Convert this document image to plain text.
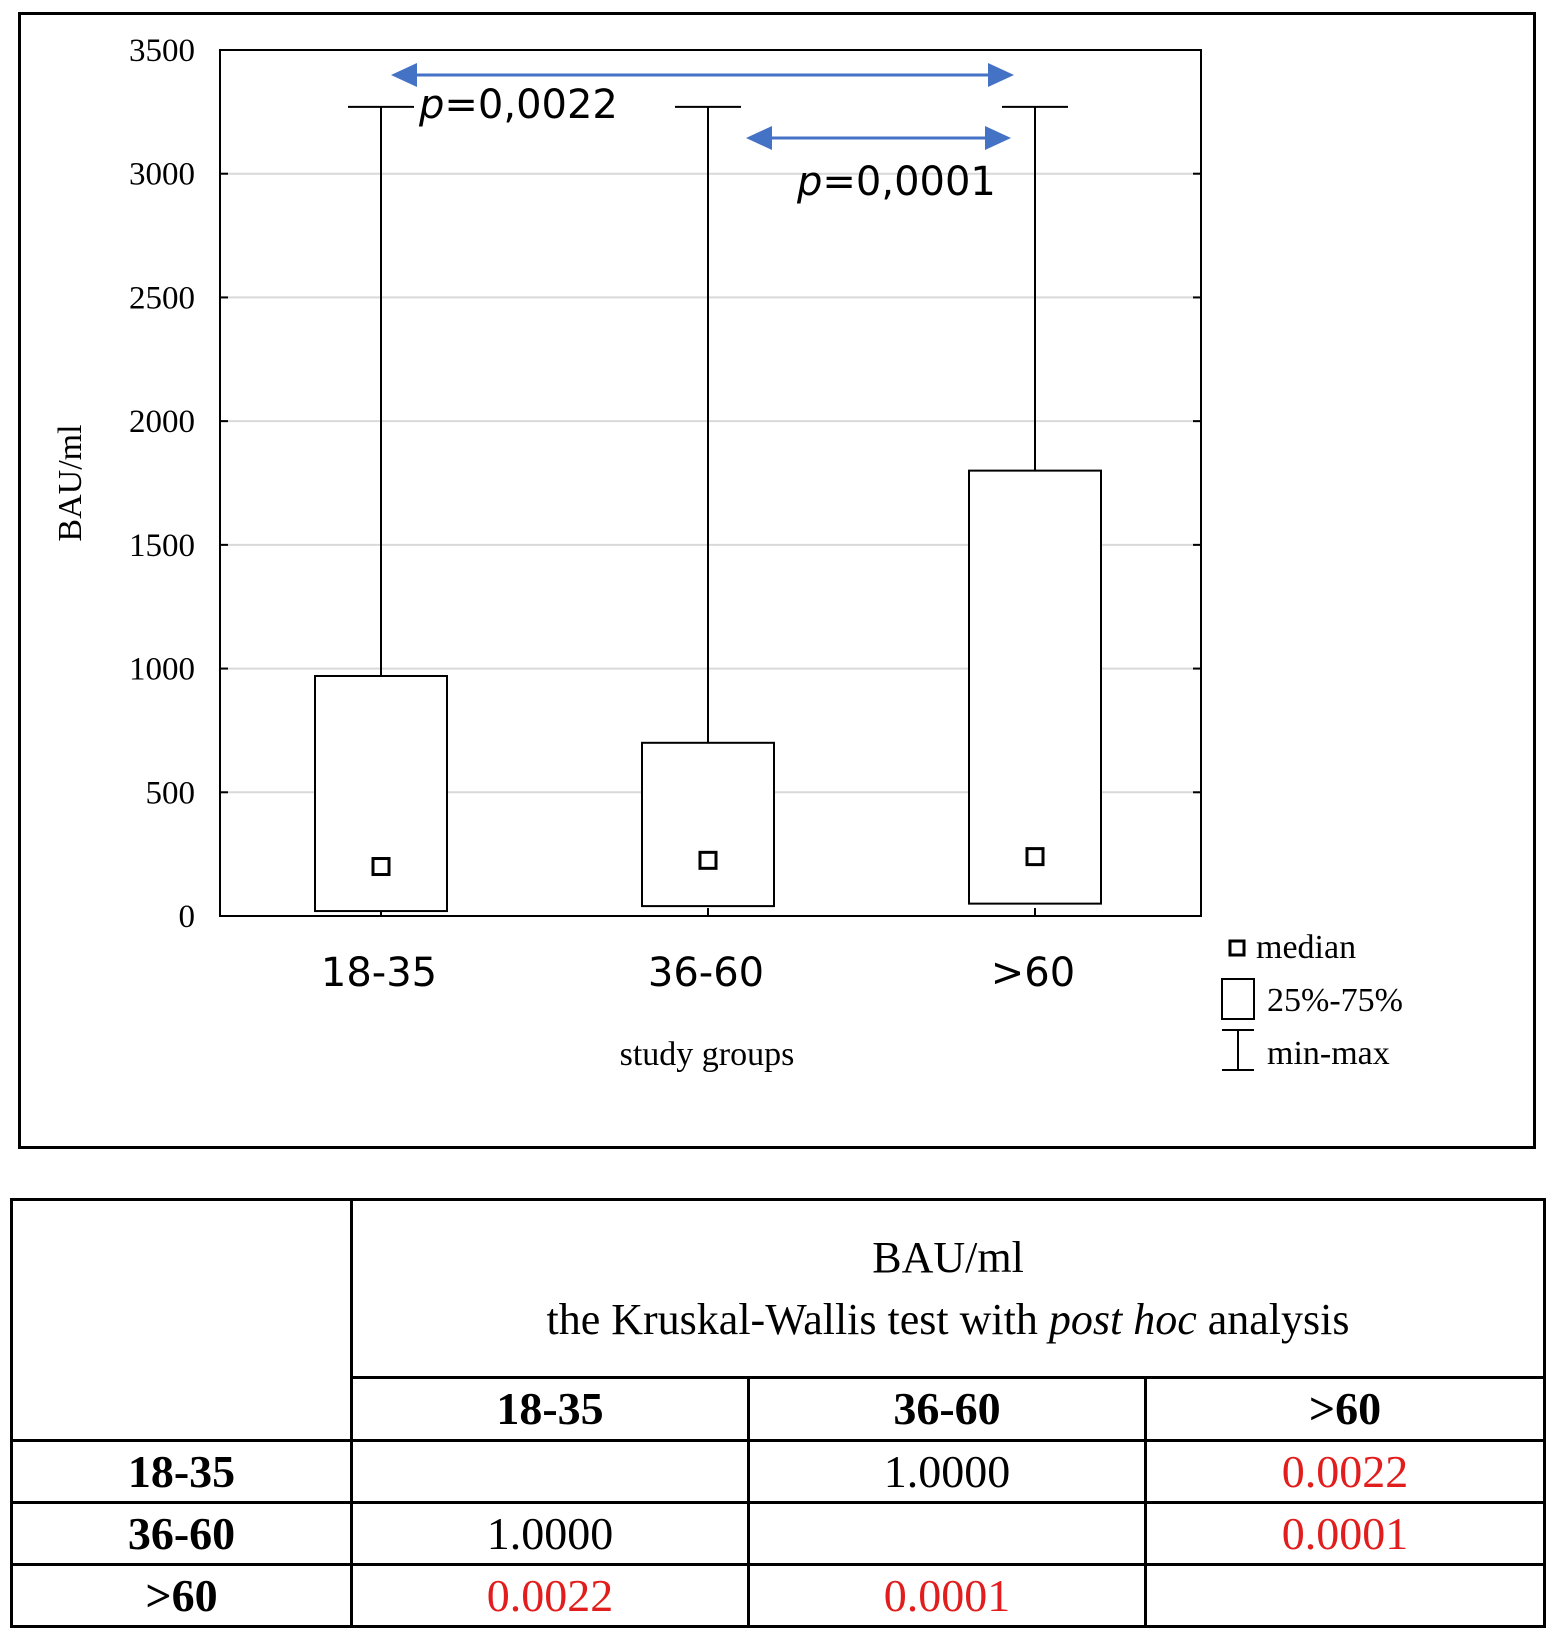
0
500
1000
1500
2000
2500
3000
3500
18-35	36-60	>60
BAU/ml
study groups
p=0,0022
p=0,0001
median
25%-75%
min-max

	BAU/ml
the Kruskal-Wallis test with post hoc analysis		

	18-35	36-60	>60
18-35		1.0000	0.0022
36-60	1.0000		0.0001
>60	0.0022	0.0001	
